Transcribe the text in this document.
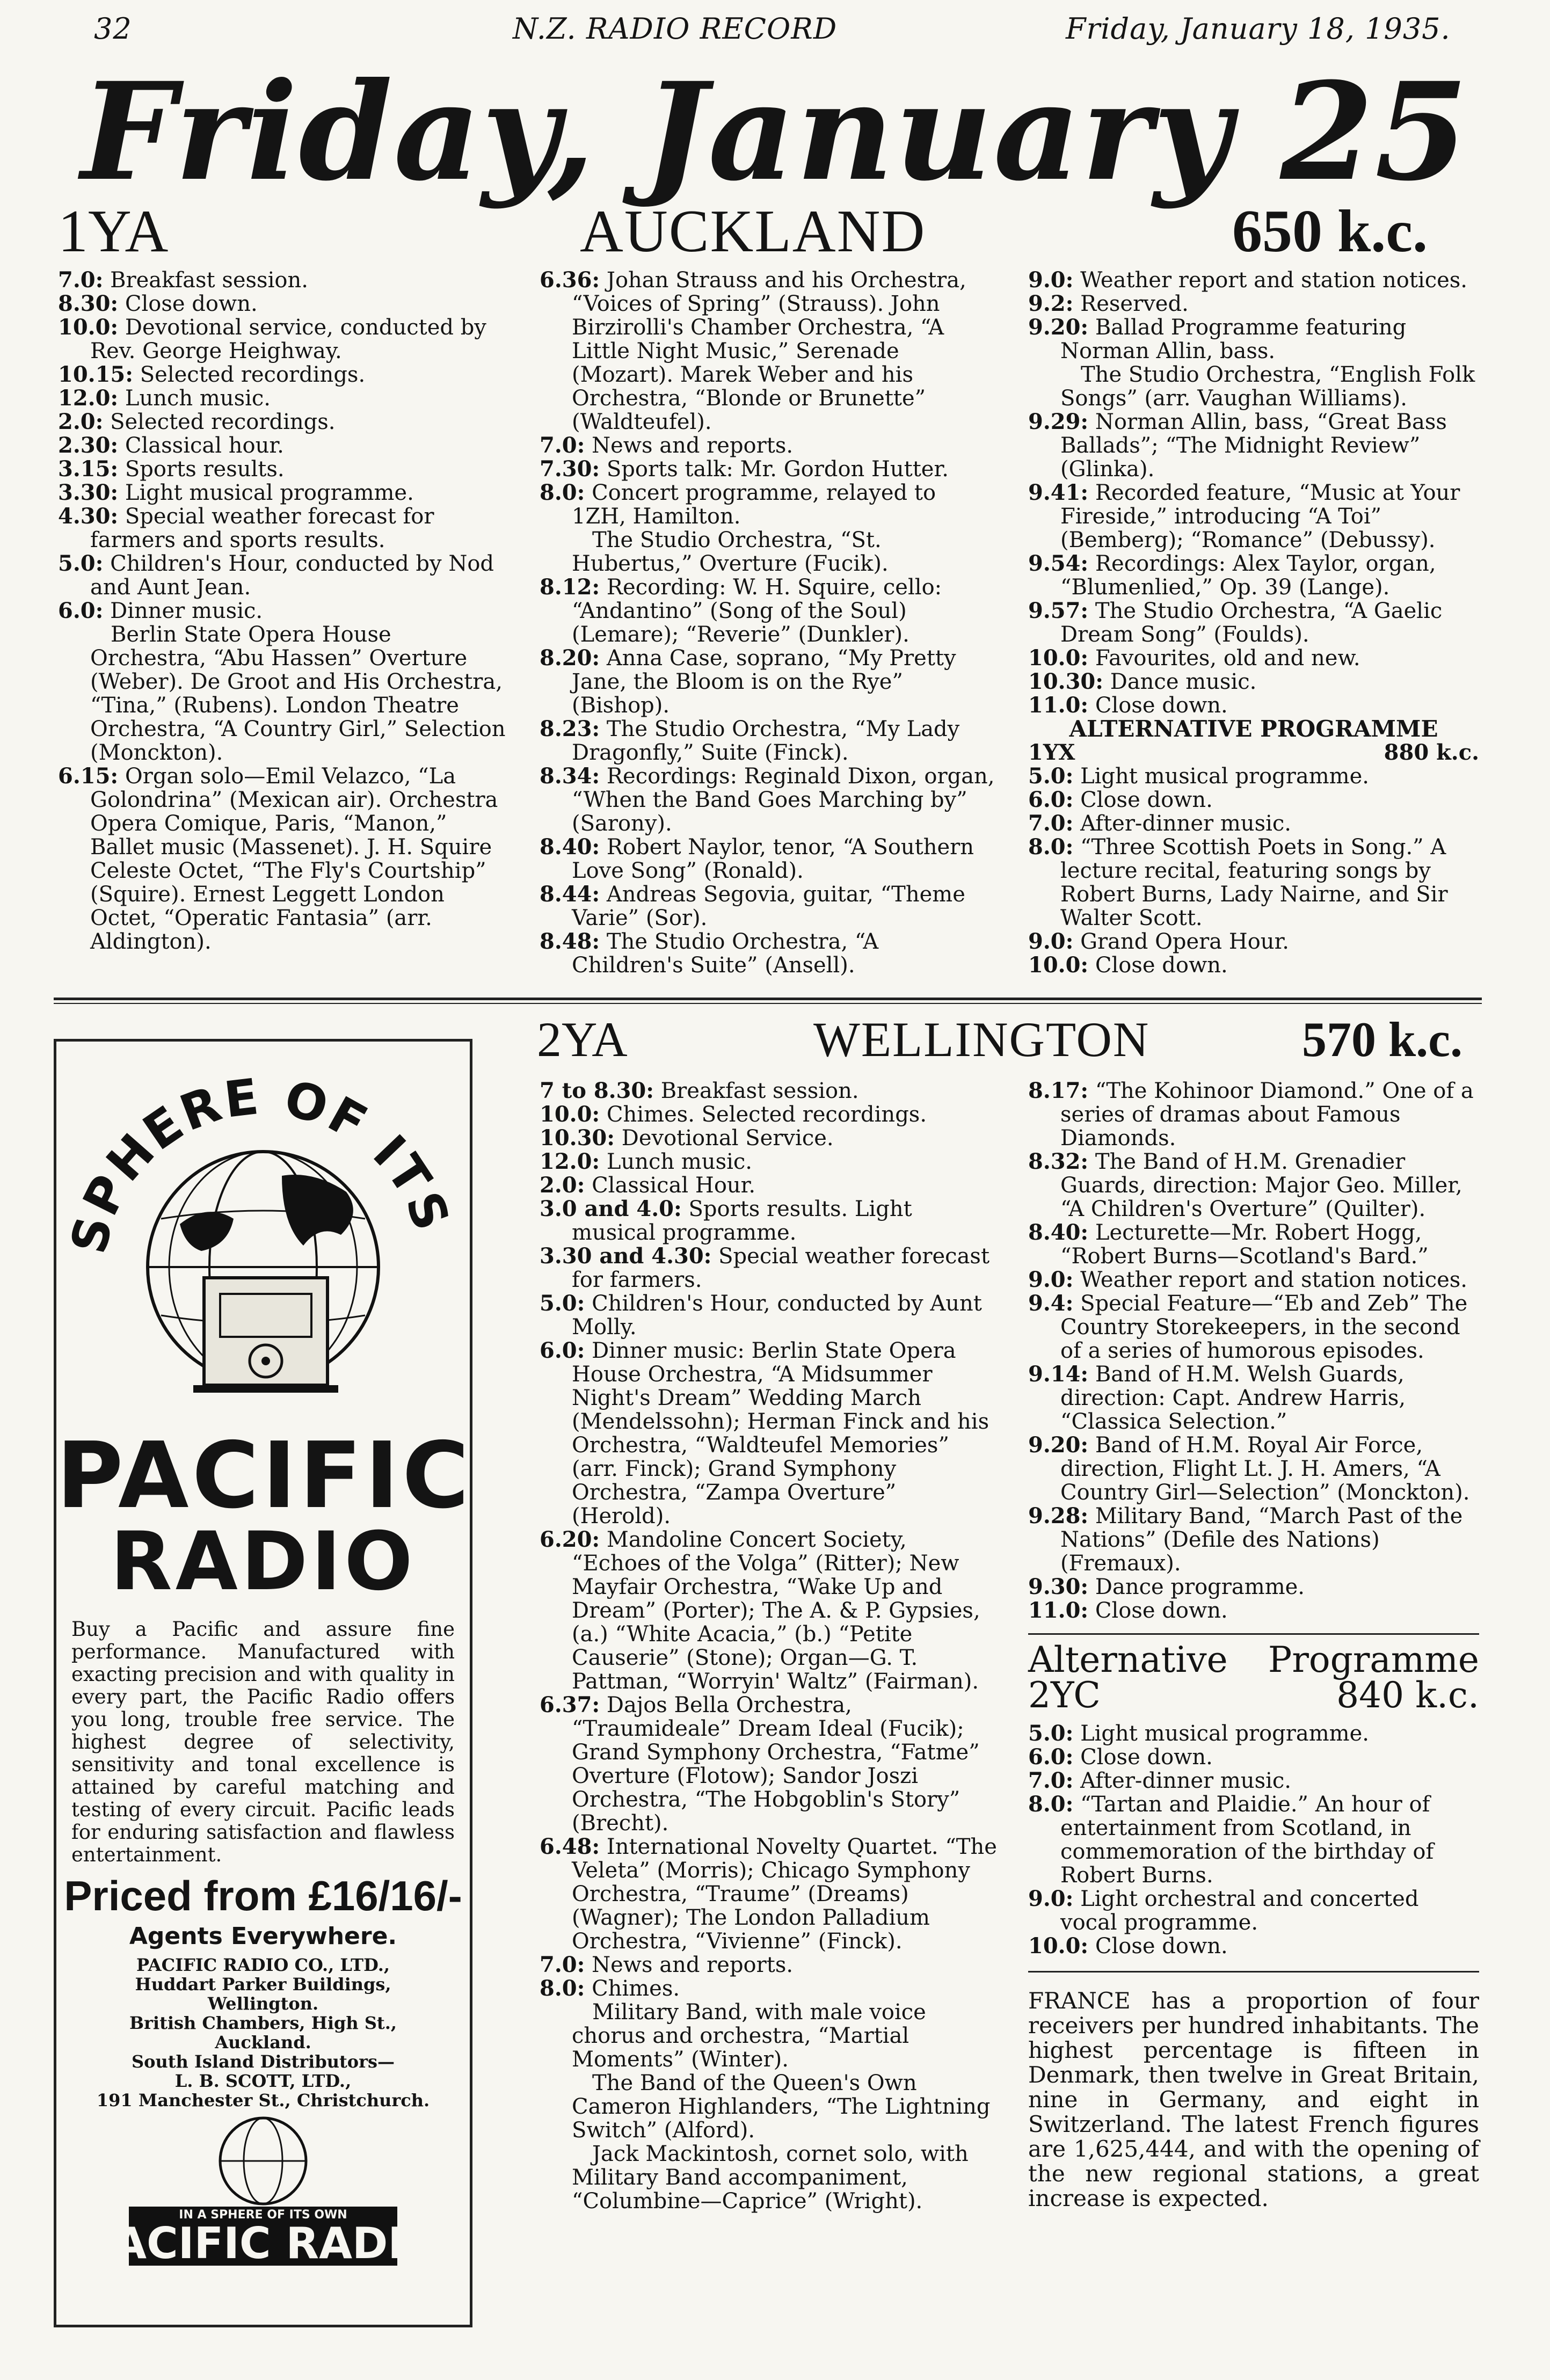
32	N.Z. RADIO RECORD	Friday, January 18, 1935.
Friday, January 25
1YA	AUCKLAND	650 k.c.

7.0: Breakfast session.

8.30: Close down.

10.0: Devotional service, conducted by Rev. George Heighway.

10.15: Selected recordings.

12.0: Lunch music.

2.0: Selected recordings.

2.30: Classical hour.

3.15: Sports results.

3.30: Light musical programme.

4.30: Special weather forecast for farmers and sports results.

5.0: Children's Hour, conducted by Nod and Aunt Jean.

6.0: Dinner music.

Berlin State Opera House Orchestra, “Abu Hassen” Overture (Weber). De Groot and His Orchestra, “Tina,” (Rubens). London Theatre Orchestra, “A Country Girl,” Selection (Monckton).

6.15: Organ solo—Emil Velazco, “La Golondrina” (Mexican air). Orchestra Opera Comique, Paris, “Manon,” Ballet music (Massenet). J. H. Squire Celeste Octet, “The Fly's Courtship” (Squire). Ernest Leggett London Octet, “Operatic Fantasia” (arr. Aldington).

6.36: Johan Strauss and his Orchestra, “Voices of Spring” (Strauss). John Birzirolli's Chamber Orchestra, “A Little Night Music,” Serenade (Mozart). Marek Weber and his Orchestra, “Blonde or Brunette” (Waldteufel).

7.0: News and reports.

7.30: Sports talk: Mr. Gordon Hutter.

8.0: Concert programme, relayed to 1ZH, Hamilton.

The Studio Orchestra, “St. Hubertus,” Overture (Fucik).

8.12: Recording: W. H. Squire, cello: “Andantino” (Song of the Soul) (Lemare); “Reverie” (Dunkler).

8.20: Anna Case, soprano, “My Pretty Jane, the Bloom is on the Rye” (Bishop).

8.23: The Studio Orchestra, “My Lady Dragonfly,” Suite (Finck).

8.34: Recordings: Reginald Dixon, organ, “When the Band Goes Marching by” (Sarony).

8.40: Robert Naylor, tenor, “A Southern Love Song” (Ronald).

8.44: Andreas Segovia, guitar, “Theme Varie” (Sor).

8.48: The Studio Orchestra, “A Children's Suite” (Ansell).

9.0: Weather report and station notices.

9.2: Reserved.

9.20: Ballad Programme featuring Norman Allin, bass.

The Studio Orchestra, “English Folk Songs” (arr. Vaughan Williams).

9.29: Norman Allin, bass, “Great Bass Ballads”; “The Midnight Review” (Glinka).

9.41: Recorded feature, “Music at Your Fireside,” introducing “A Toi” (Bemberg); “Romance” (Debussy).

9.54: Recordings: Alex Taylor, organ, “Blumenlied,” Op. 39 (Lange).

9.57: The Studio Orchestra, “A Gaelic Dream Song” (Foulds).

10.0: Favourites, old and new.

10.30: Dance music.

11.0: Close down.

ALTERNATIVE PROGRAMME

1YX	880 k.c.

5.0: Light musical programme.

6.0: Close down.

7.0: After-dinner music.

8.0: “Three Scottish Poets in Song.” A lecture recital, featuring songs by Robert Burns, Lady Nairne, and Sir Walter Scott.

9.0: Grand Opera Hour.

10.0: Close down.

SPHERE OF ITS
PACIFIC
RADIO

Buy a Pacific and assure fine performance. Manufactured with exacting precision and with quality in every part, the Pacific Radio offers you long, trouble free service. The highest degree of selectivity, sensitivity and tonal excellence is attained by careful matching and testing of every circuit. Pacific leads for enduring satisfaction and flawless entertainment.

Priced from £16/16/-

Agents Everywhere.

PACIFIC RADIO CO., LTD.,

Huddart Parker Buildings,

Wellington.

British Chambers, High St.,

Auckland.

South Island Distributors—

L. B. SCOTT, LTD.,

191 Manchester St., Christchurch.

PACIFIC RADIO
IN A SPHERE OF ITS OWN
2YA	WELLINGTON	570 k.c.

7 to 8.30: Breakfast session.

10.0: Chimes. Selected recordings.

10.30: Devotional Service.

12.0: Lunch music.

2.0: Classical Hour.

3.0 and 4.0: Sports results. Light musical programme.

3.30 and 4.30: Special weather forecast for farmers.

5.0: Children's Hour, conducted by Aunt Molly.

6.0: Dinner music: Berlin State Opera House Orchestra, “A Midsummer Night's Dream” Wedding March (Mendelssohn); Herman Finck and his Orchestra, “Waldteufel Memories” (arr. Finck); Grand Symphony Orchestra, “Zampa Overture” (Herold).

6.20: Mandoline Concert Society, “Echoes of the Volga” (Ritter); New Mayfair Orchestra, “Wake Up and Dream” (Porter); The A. & P. Gypsies, (a.) “White Acacia,” (b.) “Petite Causerie” (Stone); Organ—G. T. Pattman, “Worryin' Waltz” (Fairman).

6.37: Dajos Bella Orchestra, “Traumideale” Dream Ideal (Fucik); Grand Symphony Orchestra, “Fatme” Overture (Flotow); Sandor Joszi Orchestra, “The Hobgoblin's Story” (Brecht).

6.48: International Novelty Quartet. “The Veleta” (Morris); Chicago Symphony Orchestra, “Traume” (Dreams) (Wagner); The London Palladium Orchestra, “Vivienne” (Finck).

7.0: News and reports.

8.0: Chimes.

Military Band, with male voice chorus and orchestra, “Martial Moments” (Winter).

The Band of the Queen's Own Cameron Highlanders, “The Lightning Switch” (Alford).

Jack Mackintosh, cornet solo, with Military Band accompaniment, “Columbine—Caprice” (Wright).

8.17: “The Kohinoor Diamond.” One of a series of dramas about Famous Diamonds.

8.32: The Band of H.M. Grenadier Guards, direction: Major Geo. Miller, “A Children's Overture” (Quilter).

8.40: Lecturette—Mr. Robert Hogg, “Robert Burns—Scotland's Bard.”

9.0: Weather report and station notices.

9.4: Special Feature—“Eb and Zeb” The Country Storekeepers, in the second of a series of humorous episodes.

9.14: Band of H.M. Welsh Guards, direction: Capt. Andrew Harris, “Classica Selection.”

9.20: Band of H.M. Royal Air Force, direction, Flight Lt. J. H. Amers, “A Country Girl—Selection” (Monckton).

9.28: Military Band, “March Past of the Nations” (Defile des Nations) (Fremaux).

9.30: Dance programme.

11.0: Close down.

Alternative Programme
2YC	840 k.c.

5.0: Light musical programme.

6.0: Close down.

7.0: After-dinner music.

8.0: “Tartan and Plaidie.” An hour of entertainment from Scotland, in commemoration of the birthday of Robert Burns.

9.0: Light orchestral and concerted vocal programme.

10.0: Close down.

FRANCE has a proportion of four receivers per hundred inhabitants. The highest percentage is fifteen in Denmark, then twelve in Great Britain, nine in Germany, and eight in Switzerland. The latest French figures are 1,625,444, and with the opening of the new regional stations, a great increase is expected.
